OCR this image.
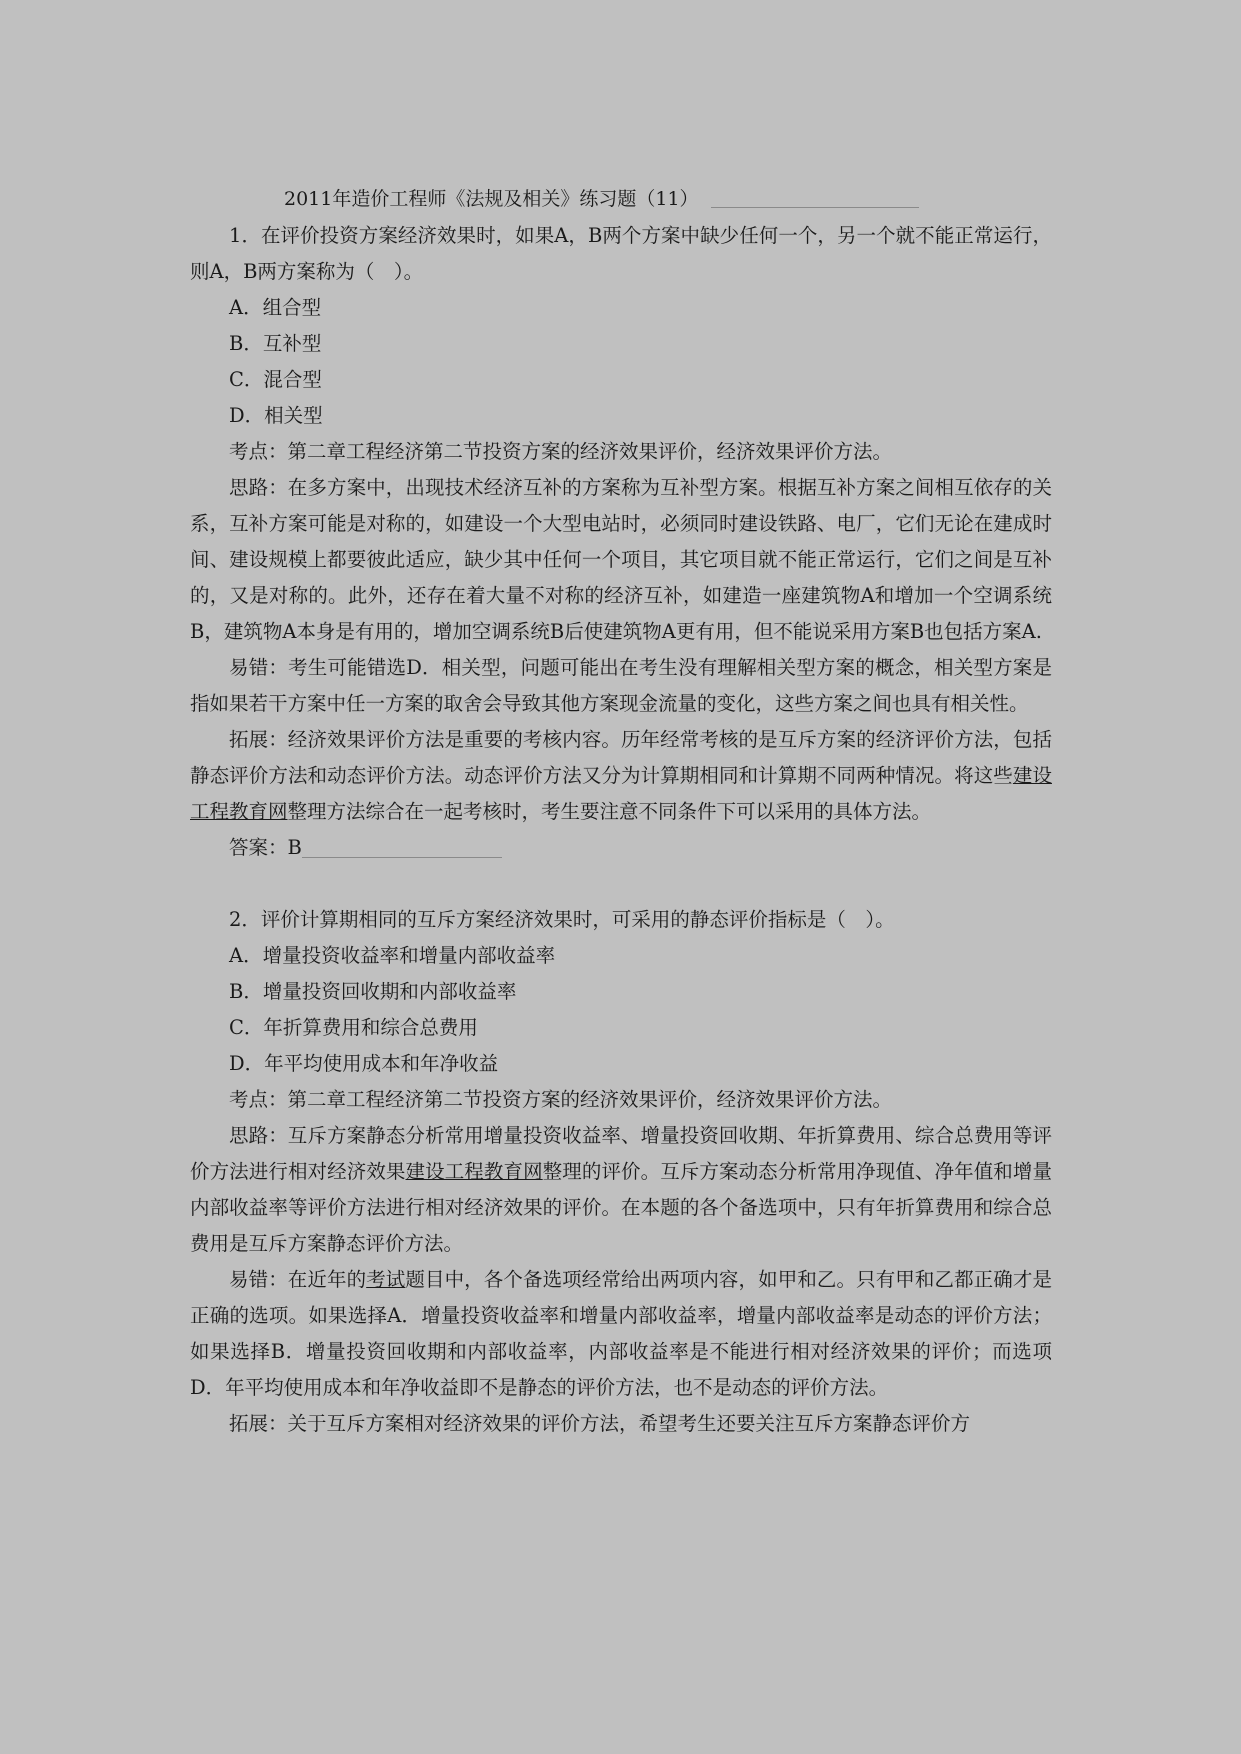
2011年造价工程师《法规及相关》练习题（11）

1．在评价投资方案经济效果时，如果A，B两个方案中缺少任何一个，另一个就不能正常运行，则A，B两方案称为（　）。

A．组合型

B．互补型

C．混合型

D．相关型

考点：第二章工程经济第二节投资方案的经济效果评价，经济效果评价方法。

思路：在多方案中，出现技术经济互补的方案称为互补型方案。根据互补方案之间相互依存的关系，互补方案可能是对称的，如建设一个大型电站时，必须同时建设铁路、电厂，它们无论在建成时间、建设规模上都要彼此适应，缺少其中任何一个项目，其它项目就不能正常运行，它们之间是互补的，又是对称的。此外，还存在着大量不对称的经济互补，如建造一座建筑物A和增加一个空调系统B，建筑物A本身是有用的，增加空调系统B后使建筑物A更有用，但不能说采用方案B也包括方案A.

易错：考生可能错选D．相关型，问题可能出在考生没有理解相关型方案的概念，相关型方案是指如果若干方案中任一方案的取舍会导致其他方案现金流量的变化，这些方案之间也具有相关性。

拓展：经济效果评价方法是重要的考核内容。历年经常考核的是互斥方案的经济评价方法，包括静态评价方法和动态评价方法。动态评价方法又分为计算期相同和计算期不同两种情况。将这些建设工程教育网整理方法综合在一起考核时，考生要注意不同条件下可以采用的具体方法。

答案：B

2．评价计算期相同的互斥方案经济效果时，可采用的静态评价指标是（　）。

A．增量投资收益率和增量内部收益率

B．增量投资回收期和内部收益率

C．年折算费用和综合总费用

D．年平均使用成本和年净收益

考点：第二章工程经济第二节投资方案的经济效果评价，经济效果评价方法。

思路：互斥方案静态分析常用增量投资收益率、增量投资回收期、年折算费用、综合总费用等评价方法进行相对经济效果建设工程教育网整理的评价。互斥方案动态分析常用净现值、净年值和增量内部收益率等评价方法进行相对经济效果的评价。在本题的各个备选项中，只有年折算费用和综合总费用是互斥方案静态评价方法。

易错：在近年的考试题目中，各个备选项经常给出两项内容，如甲和乙。只有甲和乙都正确才是正确的选项。如果选择A．增量投资收益率和增量内部收益率，增量内部收益率是动态的评价方法；如果选择B．增量投资回收期和内部收益率，内部收益率是不能进行相对经济效果的评价；而选项D．年平均使用成本和年净收益即不是静态的评价方法，也不是动态的评价方法。

拓展：关于互斥方案相对经济效果的评价方法，希望考生还要关注互斥方案静态评价方
